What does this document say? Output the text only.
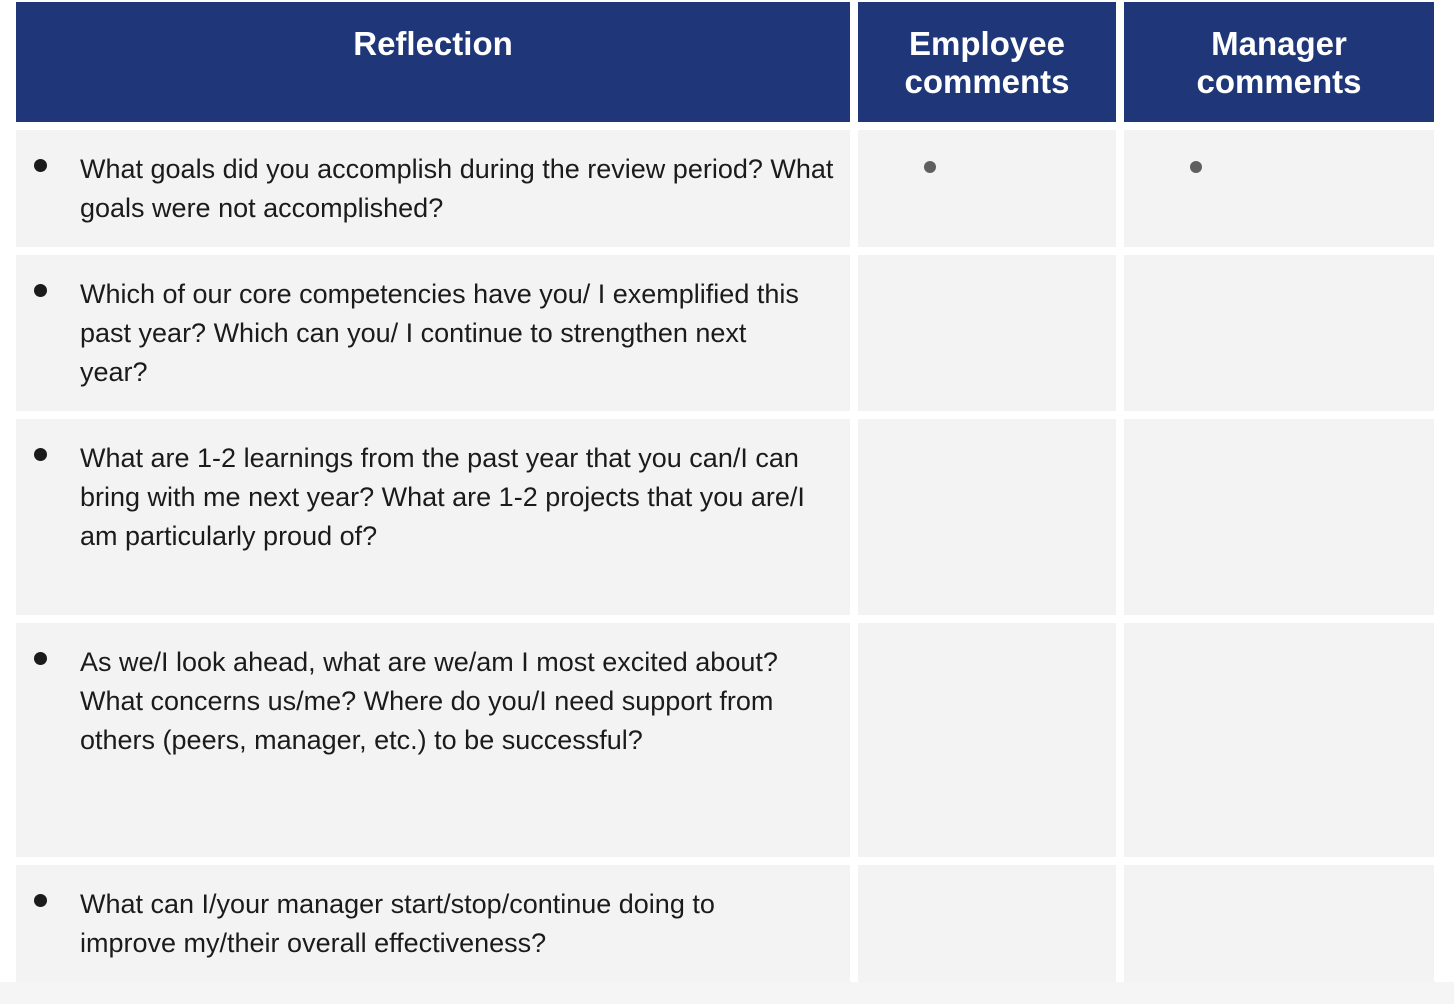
Reflection	Employee
comments
Manager
comments
What goals did you accomplish during the review period? What goals were not accomplished?
Which of our core competencies have you/ I exemplified this past year? Which can you/ I continue to strengthen next year?
What are 1-2 learnings from the past year that you can/I can bring with me next year? What are 1-2 projects that you are/I am particularly proud of?
As we/I look ahead, what are we/am I most excited about? What concerns us/me? Where do you/I need support from others (peers, manager, etc.) to be successful?
What can I/your manager start/stop/continue doing to improve my/their overall effectiveness?
